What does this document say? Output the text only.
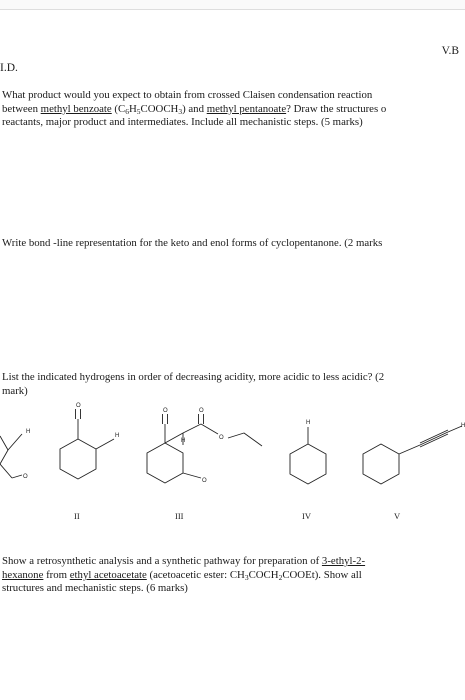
V.B
I.D.
What product would you expect to obtain from crossed Claisen condensation reaction
between methyl benzoate $(C_6H_5COOCH_3)$ and methyl pentanoate? Draw the structures o
reactants, major product and intermediates. Include all mechanistic steps. (5 marks)
Write bond -line representation for the keto and enol forms of cyclopentanone. (2 marks
List the indicated hydrogens in order of decreasing acidity, more acidic to less acidic? (2
mark)
H
O
O
H
O
H
O
O
O
H	H
II	III	IV	V
Show a retrosynthetic analysis and a synthetic pathway for preparation of 3-ethyl-2-
hexanone from ethyl acetoacetate (acetoacetic ester: $CH_3COCH_2COOEt$). Show all
structures and mechanistic steps. (6 marks)
